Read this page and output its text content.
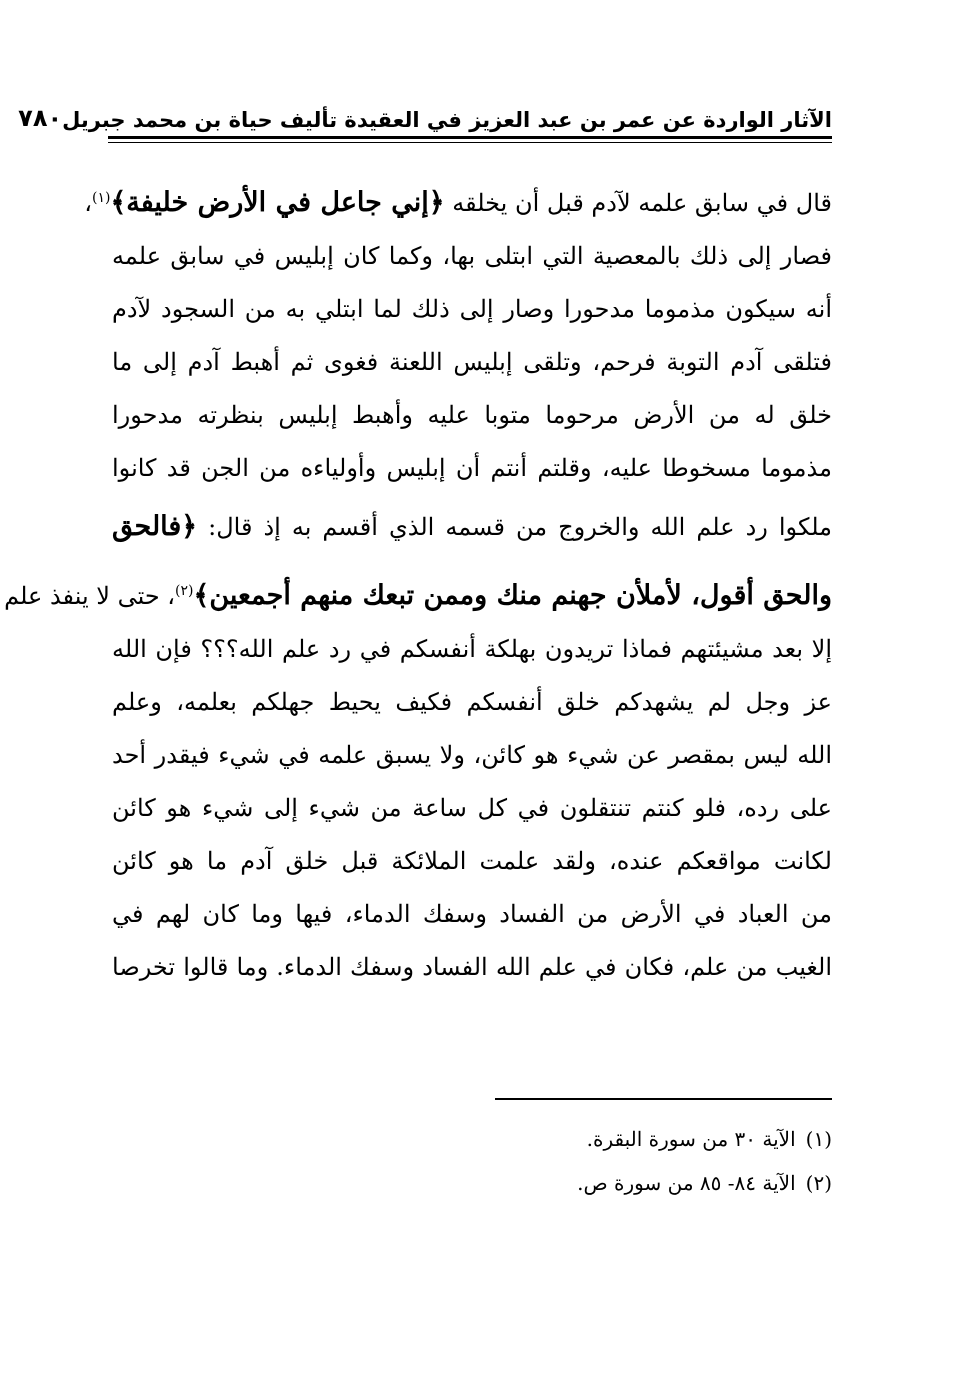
الآثار الواردة عن عمر بن عبد العزيز في العقيدة تأليف حياة بن محمد جبريل
٧٨٠
قال في سابق علمه لآدم قبل أن يخلقه ﴿إني جاعل في الأرض خليفة﴾$^{(١)}$،
فصار إلى ذلك بالمعصية التي ابتلى بها، وكما كان إبليس في سابق علمه
أنه سيكون مذموما مدحورا وصار إلى ذلك لما ابتلي به من السجود لآدم
فتلقى آدم التوبة فرحم، وتلقى إبليس اللعنة فغوى ثم أهبط آدم إلى ما
خلق له من الأرض مرحوما متوبا عليه وأهبط إبليس بنظرته مدحورا
مذموما مسخوطا عليه، وقلتم أنتم أن إبليس وأولياءه من الجن قد كانوا
ملكوا رد علم الله والخروج من قسمه الذي أقسم به إذ قال: ﴿فالحق
والحق أقول، لأملأن جهنم منك وممن تبعك منهم أجمعين﴾$^{(٢)}$، حتى لا ينفذ علم
إلا بعد مشيئتهم فماذا تريدون بهلكة أنفسكم في رد علم الله؟؟؟ فإن الله
عز وجل لم يشهدكم خلق أنفسكم فكيف يحيط جهلكم بعلمه، وعلم
الله ليس بمقصر عن شيء هو كائن، ولا يسبق علمه في شيء فيقدر أحد
على رده، فلو كنتم تنتقلون في كل ساعة من شيء إلى شيء هو كائن
لكانت مواقعكم عنده، ولقد علمت الملائكة قبل خلق آدم ما هو كائن
من العباد في الأرض من الفساد وسفك الدماء، فيها وما كان لهم في
الغيب من علم، فكان في علم الله الفساد وسفك الدماء. وما قالوا تخرصا
(١)الآية ٣٠ من سورة البقرة.
(٢)الآية ٨٤- ٨٥ من سورة ص.
